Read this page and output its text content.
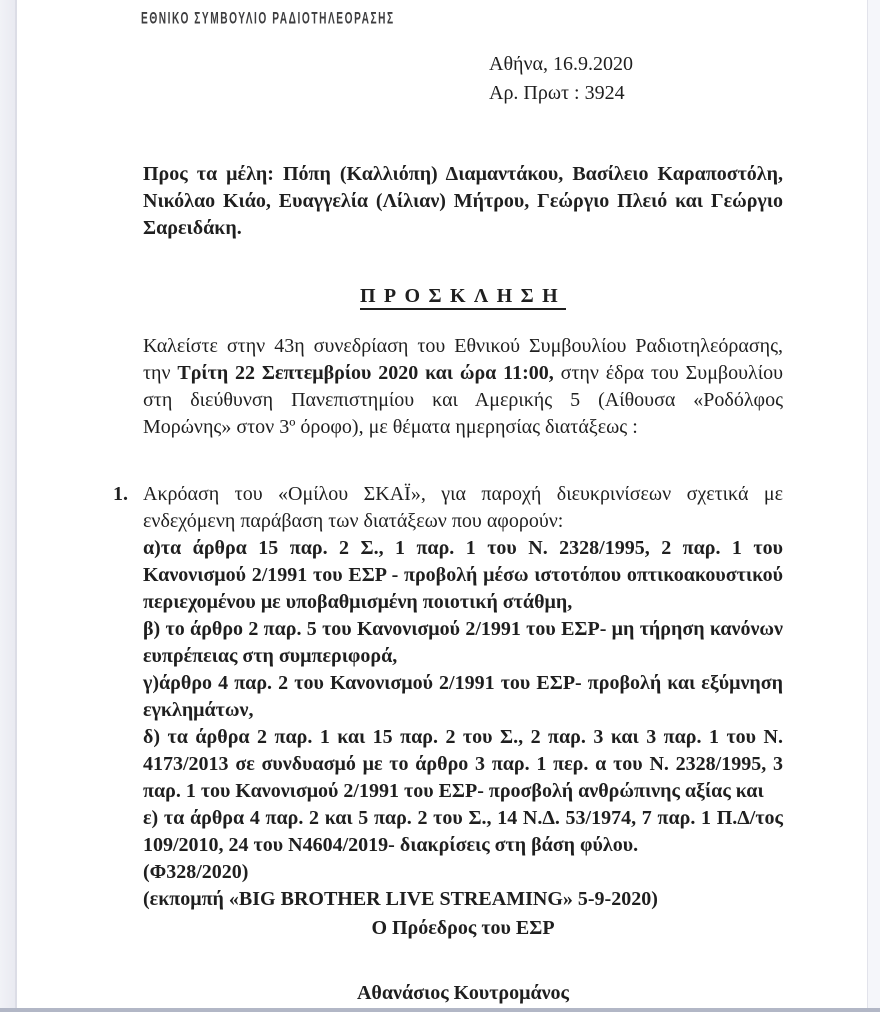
ΕΘΝΙΚΟ ΣΥΜΒΟΥΛΙΟ ΡΑΔΙΟΤΗΛΕΟΡΑΣΗΣ
Αθήνα, 16.9.2020
Αρ. Πρωτ : 3924
Προς τα μέλη: Πόπη (Καλλιόπη) Διαμαντάκου, Βασίλειο Καραποστόλη, Νικόλαο Κιάο, Ευαγγελία (Λίλιαν) Μήτρου, Γεώργιο Πλειό και Γεώργιο Σαρειδάκη.
ΠΡΟΣΚΛΗΣΗ
Καλείστε στην 43η συνεδρίαση του Εθνικού Συμβουλίου Ραδιοτηλεόρασης, την Τρίτη 22 Σεπτεμβρίου 2020 και ώρα 11:00, στην έδρα του Συμβουλίου στη διεύθυνση Πανεπιστημίου και Αμερικής 5 (Αίθουσα «Ροδόλφος Μορώνης» στον 3º όροφο), με θέματα ημερησίας διατάξεως :
1. Ακρόαση του «Ομίλου ΣΚΑΪ», για παροχή διευκρινίσεων σχετικά με ενδεχόμενη παράβαση των διατάξεων που αφορούν:
α)τα άρθρα 15 παρ. 2 Σ., 1 παρ. 1 του Ν. 2328/1995, 2 παρ. 1 του Κανονισμού 2/1991 του ΕΣΡ - προβολή μέσω ιστοτόπου οπτικοακουστικού περιεχομένου με υποβαθμισμένη ποιοτική στάθμη,
β) το άρθρο 2 παρ. 5 του Κανονισμού 2/1991 του ΕΣΡ- μη τήρηση κανόνων ευπρέπειας στη συμπεριφορά,
γ)άρθρο 4 παρ. 2 του Κανονισμού 2/1991 του ΕΣΡ- προβολή και εξύμνηση εγκλημάτων,
δ) τα άρθρα 2 παρ. 1 και 15 παρ. 2 του Σ., 2 παρ. 3 και 3 παρ. 1 του Ν. 4173/2013 σε συνδυασμό με το άρθρο 3 παρ. 1 περ. α του Ν. 2328/1995, 3 παρ. 1 του Κανονισμού 2/1991 του ΕΣΡ- προσβολή ανθρώπινης αξίας και
ε) τα άρθρα 4 παρ. 2 και 5 παρ. 2 του Σ., 14 Ν.Δ. 53/1974, 7 παρ. 1 Π.Δ/τος 109/2010, 24 του Ν4604/2019- διακρίσεις στη βάση φύλου.
(Φ328/2020)
(εκπομπή «BIG BROTHER LIVE STREAMING» 5-9-2020)
Ο Πρόεδρος του ΕΣΡ
Αθανάσιος Κουτρομάνος
